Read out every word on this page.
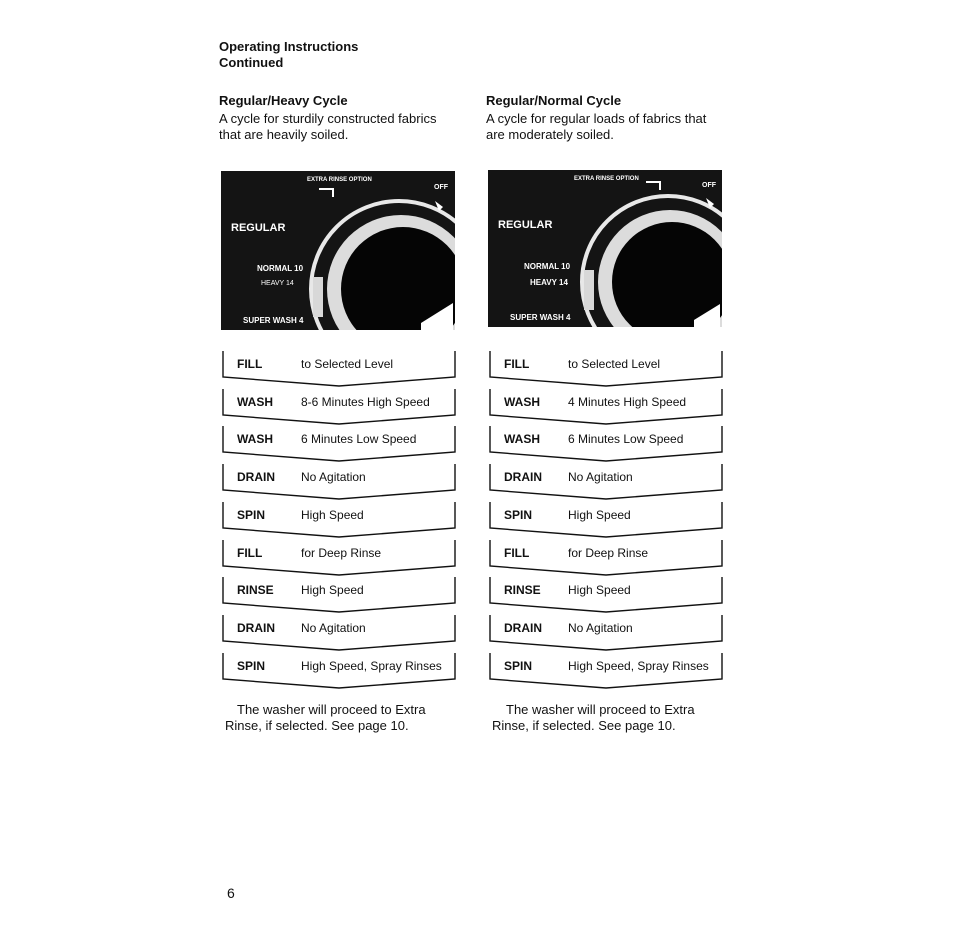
Operating Instructions
Continued
Regular/Heavy Cycle
A cycle for sturdily constructed fabrics
that are heavily soiled.
Regular/Normal Cycle
A cycle for regular loads of fabrics that
are moderately soiled.
EXTRA RINSE OPTION
OFF
REGULAR
NORMAL 10
HEAVY 14
SUPER WASH 4
EXTRA RINSE OPTION
OFF
REGULAR
NORMAL 10
HEAVY 14
SUPER WASH 4
FILL	to Selected Level
WASH 8-6 Minutes High Speed
WASH 6 Minutes Low Speed
DRAIN No Agitation
SPIN	High Speed
FILL	for Deep Rinse
RINSE High Speed
DRAIN No Agitation
SPIN	High Speed, Spray Rinses
FILL	to Selected Level
WASH 4 Minutes High Speed
WASH 6 Minutes Low Speed
DRAIN No Agitation
SPIN	High Speed
FILL	for Deep Rinse
RINSE High Speed
DRAIN No Agitation
SPIN	High Speed, Spray Rinses
The washer will proceed to Extra
Rinse, if selected. See page 10.
The washer will proceed to Extra
Rinse, if selected. See page 10.
6
